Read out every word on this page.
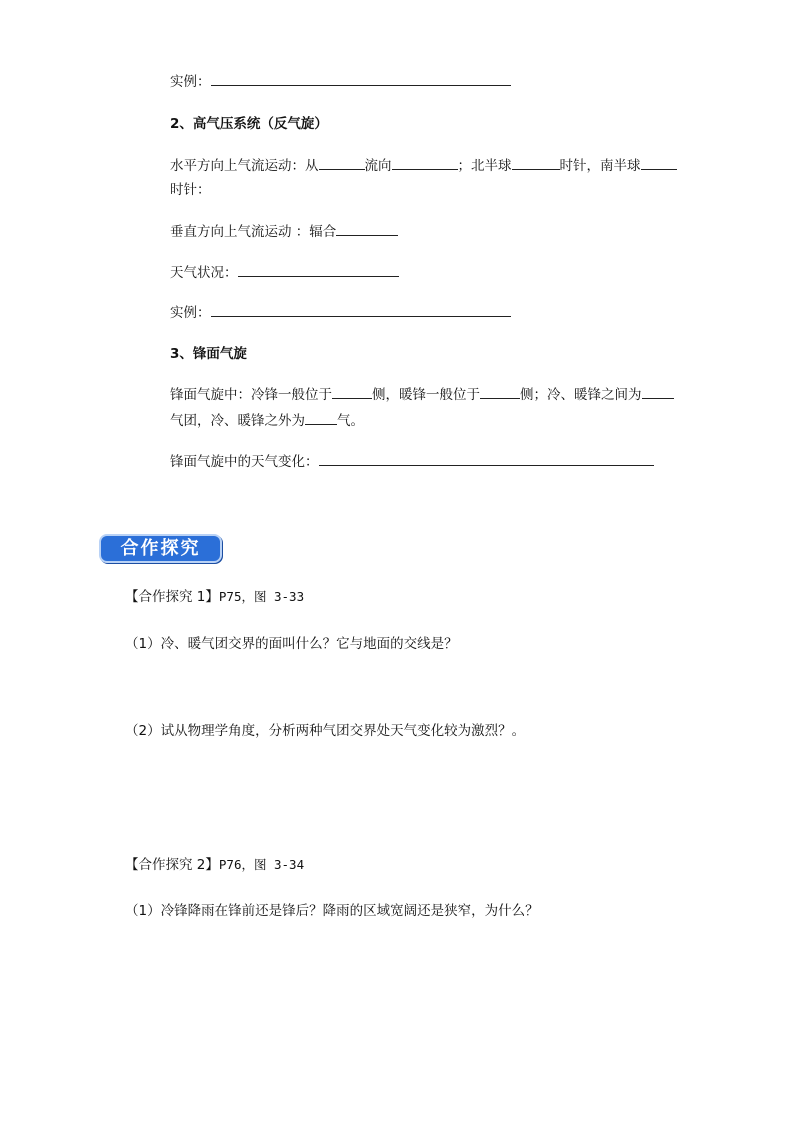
实例：
2、高气压系统（反气旋）
水平方向上气流运动：从	流向	；北半球	时针，南半球
时针：
垂直方向上气流运动 ：辐合
天气状况：
实例：
3、锋面气旋
锋面气旋中：冷锋一般位于	侧，暖锋一般位于	侧；冷、暖锋之间为
气团，冷、暖锋之外为 气。
锋面气旋中的天气变化：
合作探究
【合作探究 1】P75，图 3-33
（1）冷、暖气团交界的面叫什么？它与地面的交线是？
（2）试从物理学角度，分析两种气团交界处天气变化较为激烈？。
【合作探究 2】P76，图 3-34
（1）冷锋降雨在锋前还是锋后？降雨的区域宽阔还是狭窄，为什么？
